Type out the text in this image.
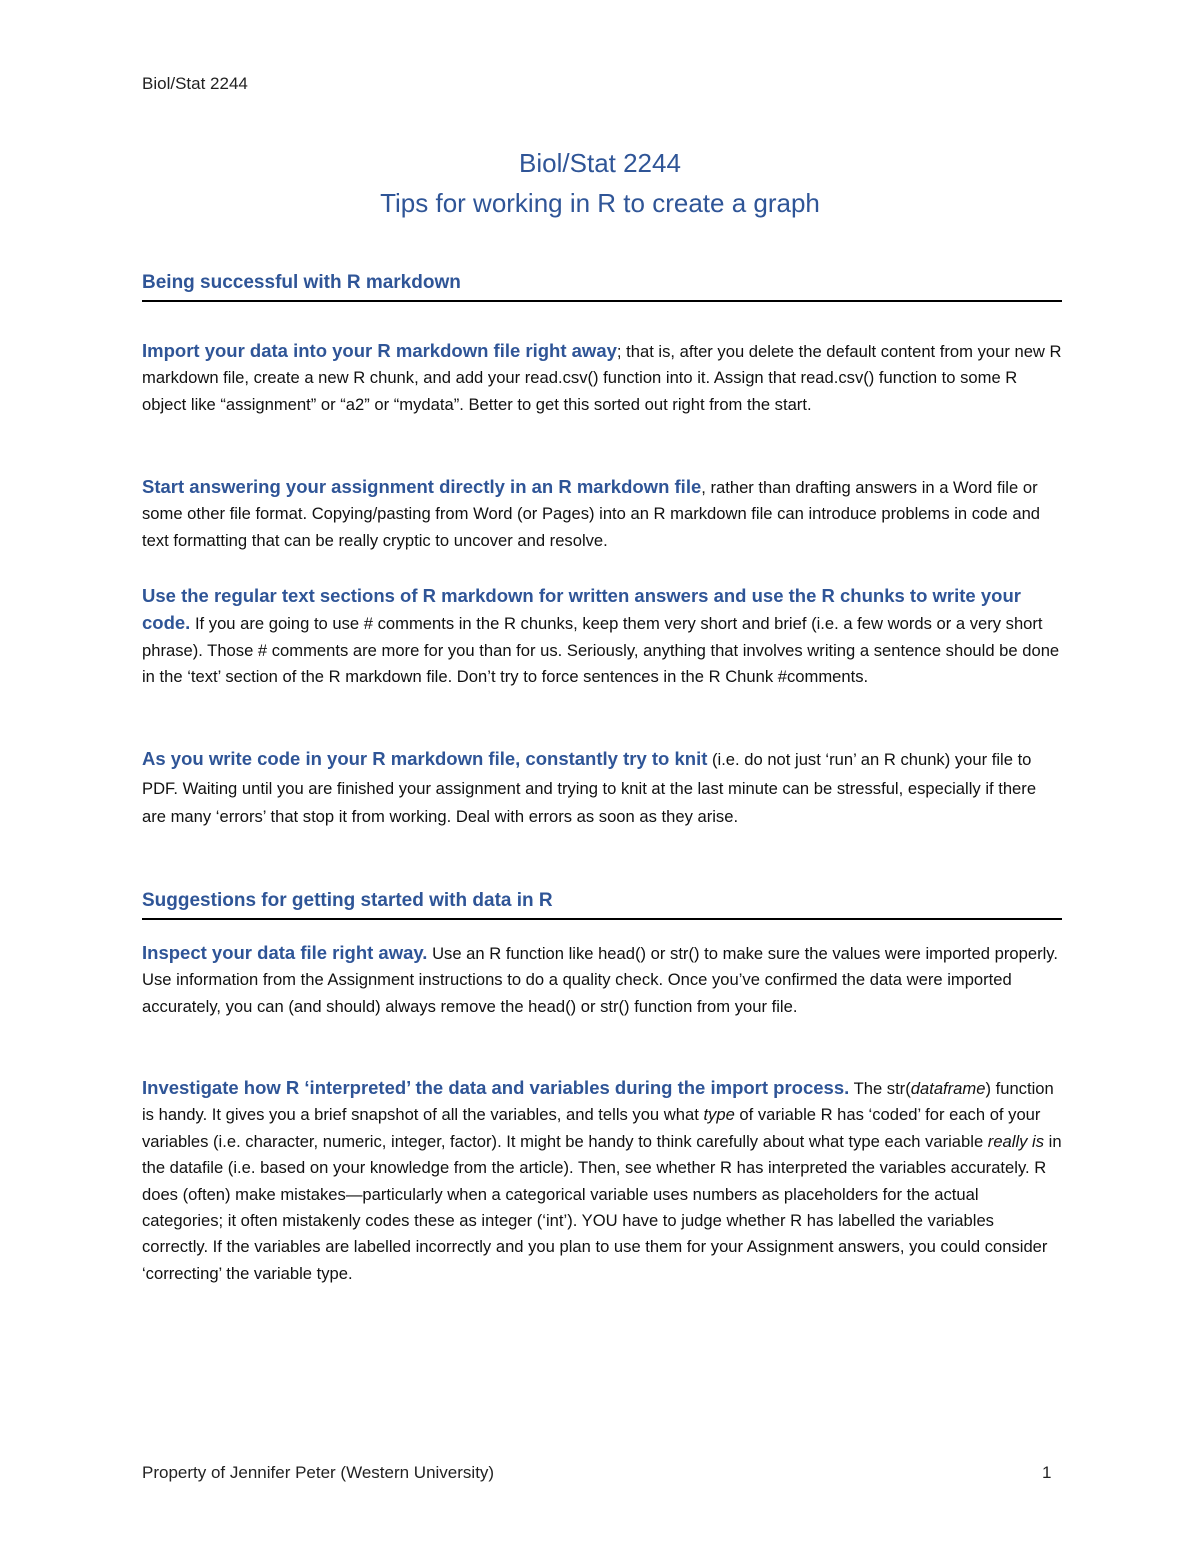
Biol/Stat 2244
Biol/Stat 2244
Tips for working in R to create a graph
Being successful with R markdown

Import your data into your R markdown file right away; that is, after you delete the default content from your new R markdown file, create a new R chunk, and add your read.csv() function into it. Assign that read.csv() function to some R object like “assignment” or “a2” or “mydata”. Better to get this sorted out right from the start.

Start answering your assignment directly in an R markdown file, rather than drafting answers in a Word file or some other file format. Copying/pasting from Word (or Pages) into an R markdown file can introduce problems in code and text formatting that can be really cryptic to uncover and resolve.

Use the regular text sections of R markdown for written answers and use the R chunks to write your code. If you are going to use # comments in the R chunks, keep them very short and brief (i.e. a few words or a very short phrase). Those # comments are more for you than for us. Seriously, anything that involves writing a sentence should be done in the ‘text’ section of the R markdown file. Don’t try to force sentences in the R Chunk #comments.

As you write code in your R markdown file, constantly try to knit (i.e. do not just ‘run’ an R chunk) your file to PDF. Waiting until you are finished your assignment and trying to knit at the last minute can be stressful, especially if there are many ‘errors’ that stop it from working. Deal with errors as soon as they arise.

Suggestions for getting started with data in R

Inspect your data file right away. Use an R function like head() or str() to make sure the values were imported properly. Use information from the Assignment instructions to do a quality check. Once you’ve confirmed the data were imported accurately, you can (and should) always remove the head() or str() function from your file.

Investigate how R ‘interpreted’ the data and variables during the import process. The str(dataframe) function is handy. It gives you a brief snapshot of all the variables, and tells you what type of variable R has ‘coded’ for each of your variables (i.e. character, numeric, integer, factor). It might be handy to think carefully about what type each variable really is in the datafile (i.e. based on your knowledge from the article). Then, see whether R has interpreted the variables accurately. R does (often) make mistakes—particularly when a categorical variable uses numbers as placeholders for the actual categories; it often mistakenly codes these as integer (‘int’). YOU have to judge whether R has labelled the variables correctly. If the variables are labelled incorrectly and you plan to use them for your Assignment answers, you could consider ‘correcting’ the variable type.

Property of Jennifer Peter (Western University)	1
